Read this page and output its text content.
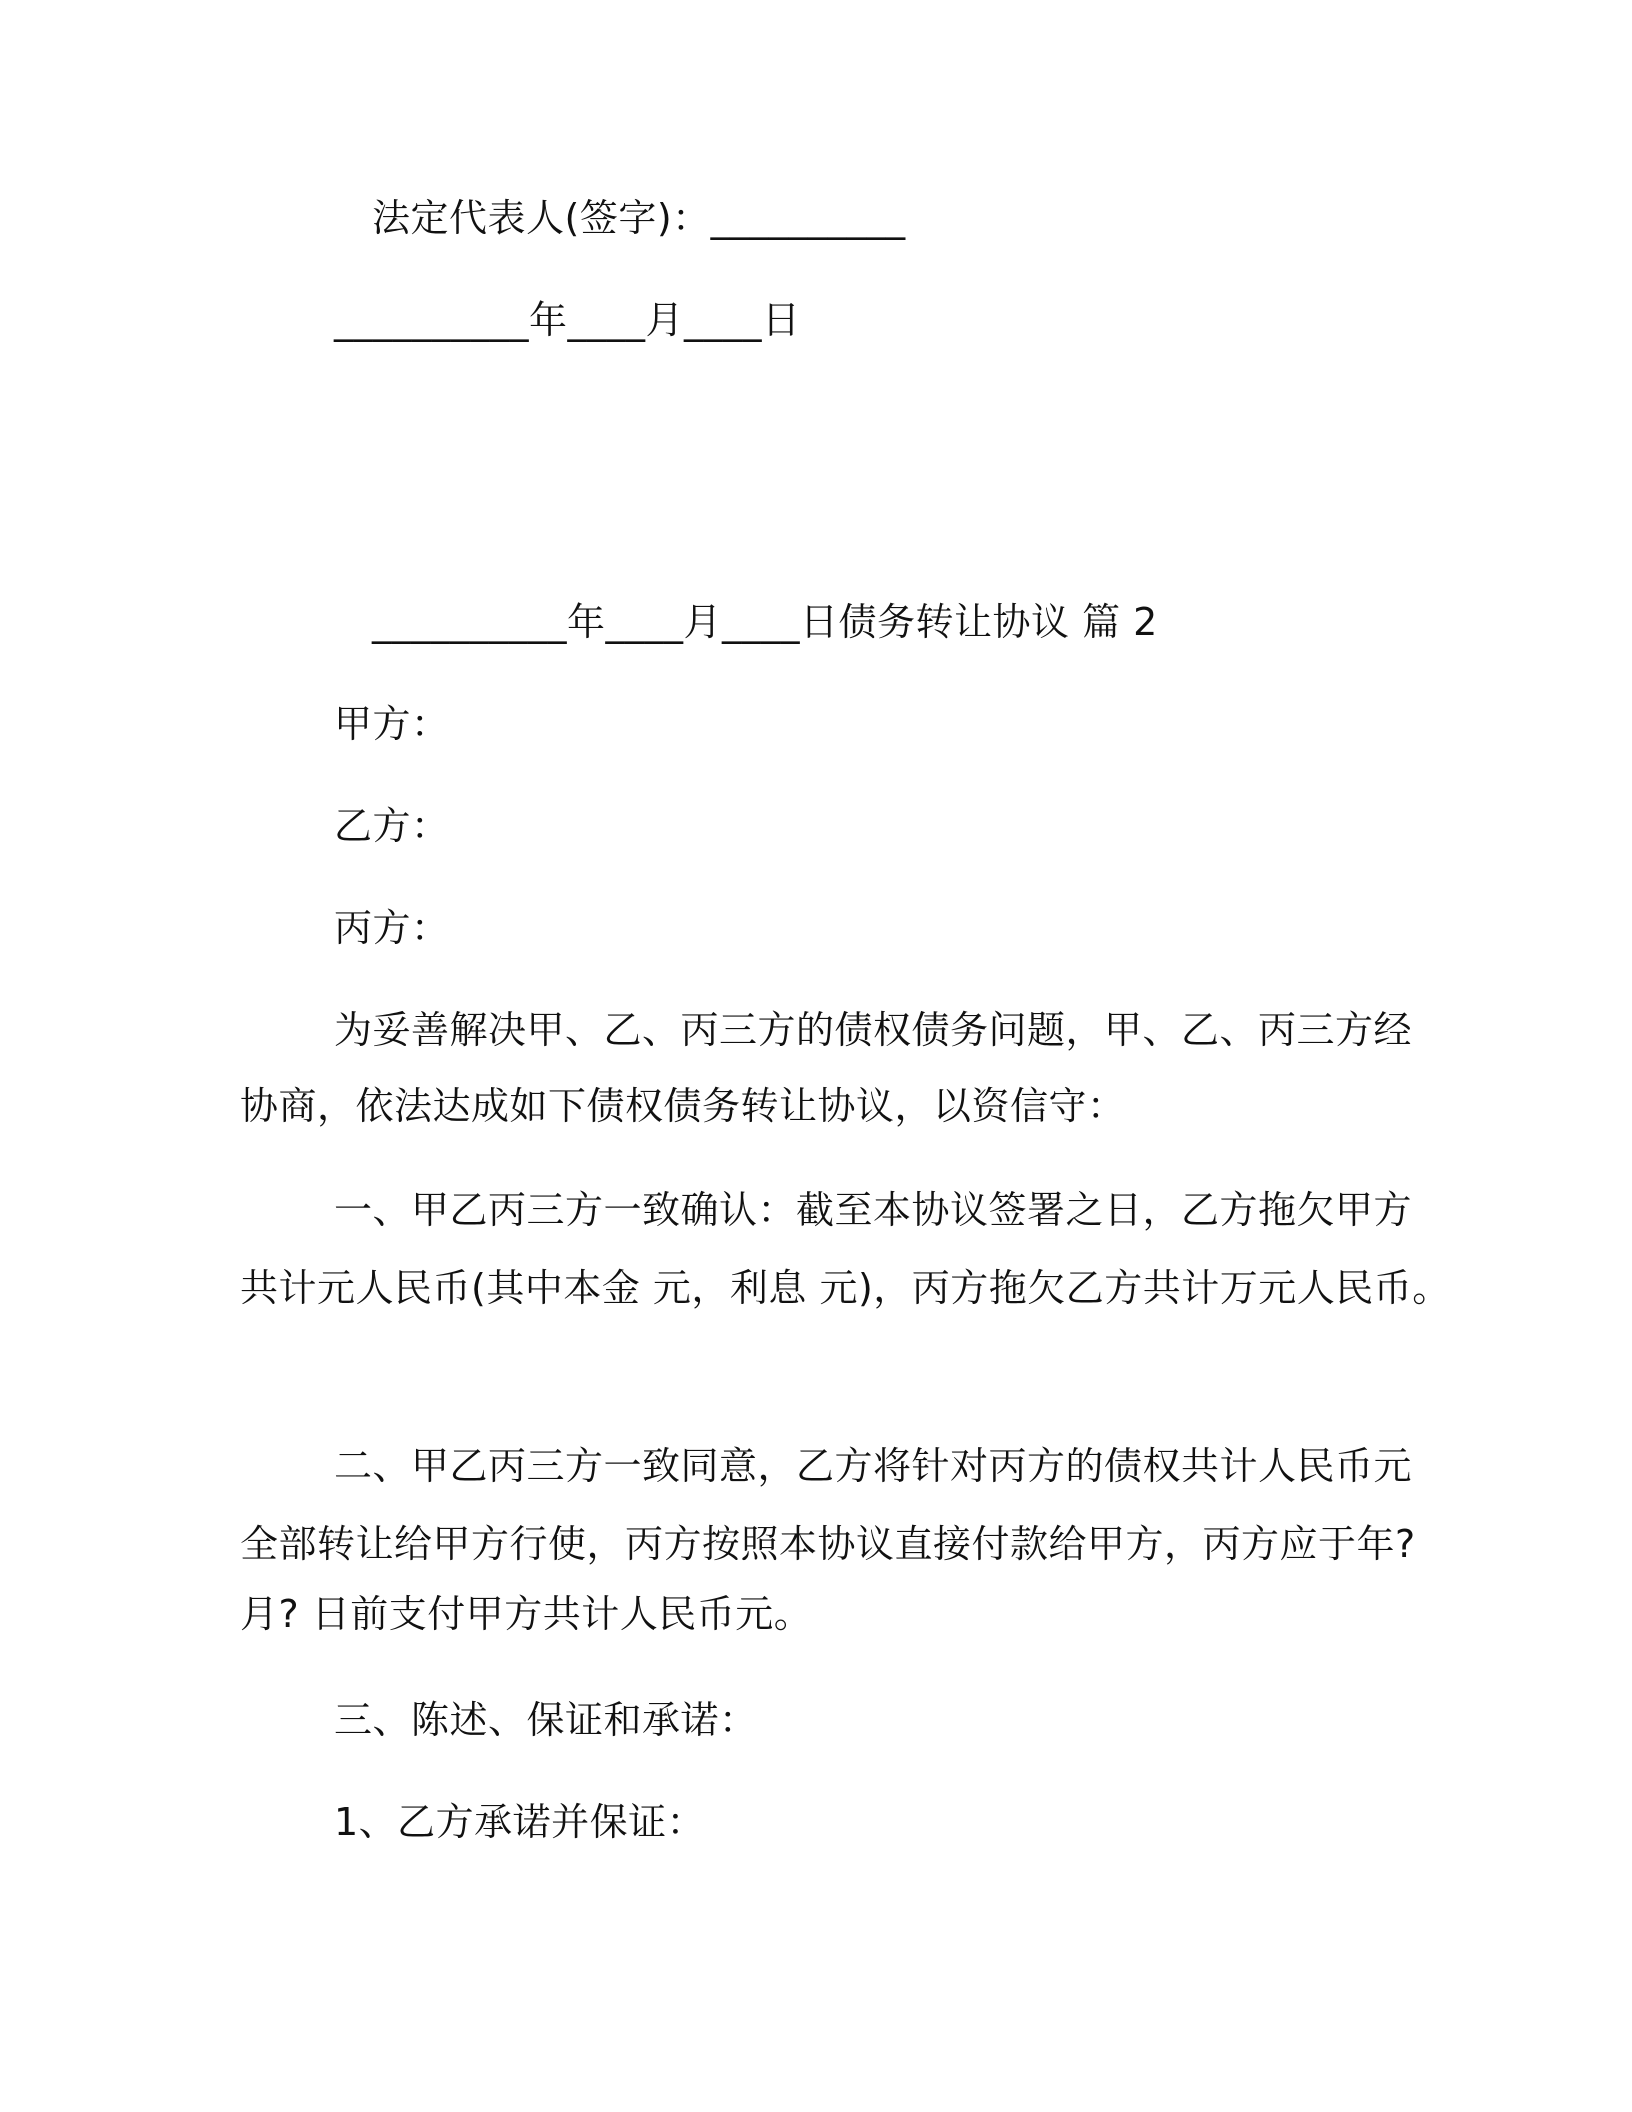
法定代表人(签字)：__________
__________年____月____日
__________年____月____日债务转让协议 篇 2
甲方：
乙方：
丙方：
为妥善解决甲、乙、丙三方的债权债务问题，甲、乙、丙三方经
协商，依法达成如下债权债务转让协议，以资信守：
一、甲乙丙三方一致确认：截至本协议签署之日，乙方拖欠甲方
共计元人民币(其中本金 元，利息 元)，丙方拖欠乙方共计万元人民币。
二、甲乙丙三方一致同意，乙方将针对丙方的债权共计人民币元
全部转让给甲方行使，丙方按照本协议直接付款给甲方，丙方应于年?
月? 日前支付甲方共计人民币元。
三、陈述、保证和承诺：
1、乙方承诺并保证：
